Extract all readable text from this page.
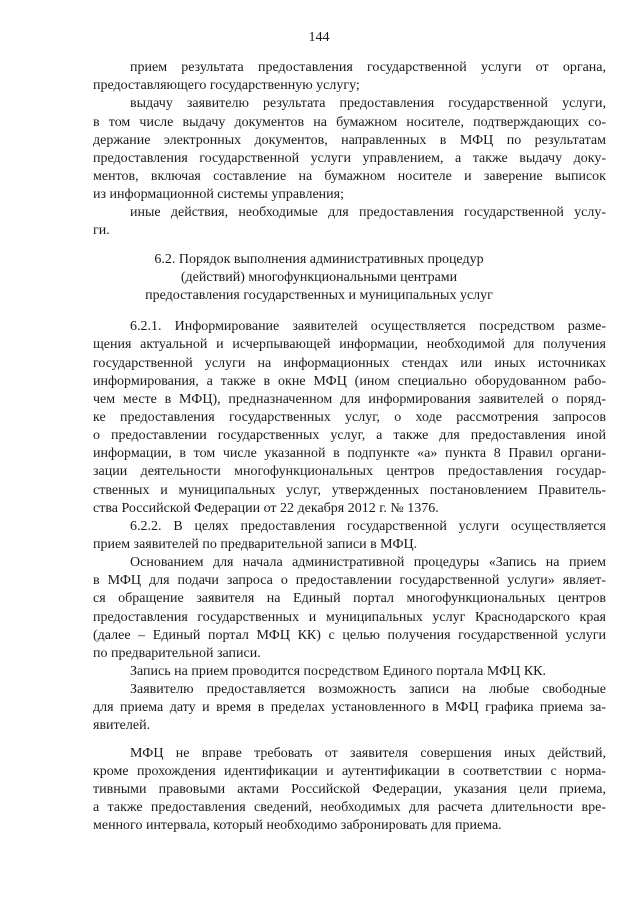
144

прием результата предоставления государственной услуги от органа,

предоставляющего государственную услугу;

выдачу заявителю результата предоставления государственной услуги,

в том числе выдачу документов на бумажном носителе, подтверждающих со-

держание электронных документов, направленных в МФЦ по результатам

предоставления государственной услуги управлением, а также выдачу доку-

ментов, включая составление на бумажном носителе и заверение выписок

из информационной системы управления;

иные действия, необходимые для предоставления государственной услу-

ги.

6.2. Порядок выполнения административных процедур

(действий) многофункциональными центрами

предоставления государственных и муниципальных услуг

6.2.1. Информирование заявителей осуществляется посредством разме-

щения актуальной и исчерпывающей информации, необходимой для получения

государственной услуги на информационных стендах или иных источниках

информирования, а также в окне МФЦ (ином специально оборудованном рабо-

чем месте в МФЦ), предназначенном для информирования заявителей о поряд-

ке предоставления государственных услуг, о ходе рассмотрения запросов

о предоставлении государственных услуг, а также для предоставления иной

информации, в том числе указанной в подпункте «а» пункта 8 Правил органи-

зации деятельности многофункциональных центров предоставления государ-

ственных и муниципальных услуг, утвержденных постановлением Правитель-

ства Российской Федерации от 22 декабря 2012 г. № 1376.

6.2.2. В целях предоставления государственной услуги осуществляется

прием заявителей по предварительной записи в МФЦ.

Основанием для начала административной процедуры «Запись на прием

в МФЦ для подачи запроса о предоставлении государственной услуги» являет-

ся обращение заявителя на Единый портал многофункциональных центров

предоставления государственных и муниципальных услуг Краснодарского края

(далее – Единый портал МФЦ КК) с целью получения государственной услуги

по предварительной записи.

Запись на прием проводится посредством Единого портала МФЦ КК.

Заявителю предоставляется возможность записи на любые свободные

для приема дату и время в пределах установленного в МФЦ графика приема за-

явителей.

МФЦ не вправе требовать от заявителя совершения иных действий,

кроме прохождения идентификации и аутентификации в соответствии с норма-

тивными правовыми актами Российской Федерации, указания цели приема,

а также предоставления сведений, необходимых для расчета длительности вре-

менного интервала, который необходимо забронировать для приема.
